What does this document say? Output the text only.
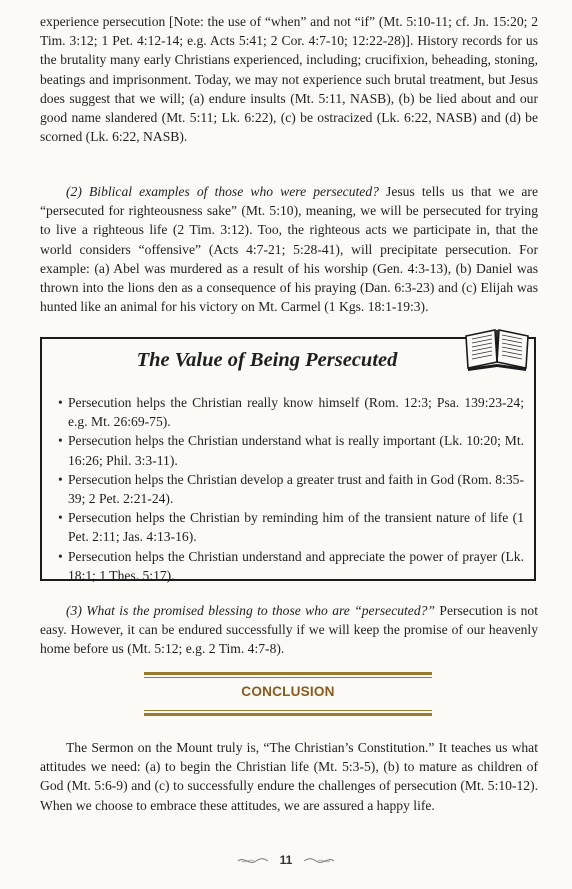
experience persecution [Note: the use of “when” and not “if” (Mt. 5:10-11; cf. Jn. 15:20; 2 Tim. 3:12; 1 Pet. 4:12-14; e.g. Acts 5:41; 2 Cor. 4:7-10; 12:22-28)]. History records for us the brutality many early Christians experienced, including; crucifixion, beheading, stoning, beatings and imprisonment. Today, we may not experience such brutal treatment, but Jesus does suggest that we will; (a) endure insults (Mt. 5:11, NASB), (b) be lied about and our good name slandered (Mt. 5:11; Lk. 6:22), (c) be ostracized (Lk. 6:22, NASB) and (d) be scorned (Lk. 6:22, NASB).

(2) Biblical examples of those who were persecuted? Jesus tells us that we are “persecuted for righteousness sake” (Mt. 5:10), meaning, we will be persecuted for trying to live a righteous life (2 Tim. 3:12). Too, the righteous acts we participate in, that the world considers “offensive” (Acts 4:7-21; 5:28-41), will precipitate persecution. For example: (a) Abel was murdered as a result of his worship (Gen. 4:3-13), (b) Daniel was thrown into the lions den as a consequence of his praying (Dan. 6:3-23) and (c) Elijah was hunted like an animal for his victory on Mt. Carmel (1 Kgs. 18:1-19:3).

The Value of Being Persecuted
• Persecution helps the Christian really know himself (Rom. 12:3; Psa. 139:23-24; e.g. Mt. 26:69-75).
• Persecution helps the Christian understand what is really important (Lk. 10:20; Mt. 16:26; Phil. 3:3-11).
• Persecution helps the Christian develop a greater trust and faith in God (Rom. 8:35-39; 2 Pet. 2:21-24).
• Persecution helps the Christian by reminding him of the transient nature of life (1 Pet. 2:11; Jas. 4:13-16).
• Persecution helps the Christian understand and appreciate the power of prayer (Lk. 18:1; 1 Thes. 5:17).

(3) What is the promised blessing to those who are “persecuted?” Persecution is not easy. However, it can be endured successfully if we will keep the promise of our heavenly home before us (Mt. 5:12; e.g. 2 Tim. 4:7-8).

CONCLUSION

The Sermon on the Mount truly is, “The Christian’s Constitution.” It teaches us what attitudes we need: (a) to begin the Christian life (Mt. 5:3-5), (b) to mature as children of God (Mt. 5:6-9) and (c) to successfully endure the challenges of persecution (Mt. 5:10-12). When we choose to embrace these attitudes, we are assured a happy life.

11
